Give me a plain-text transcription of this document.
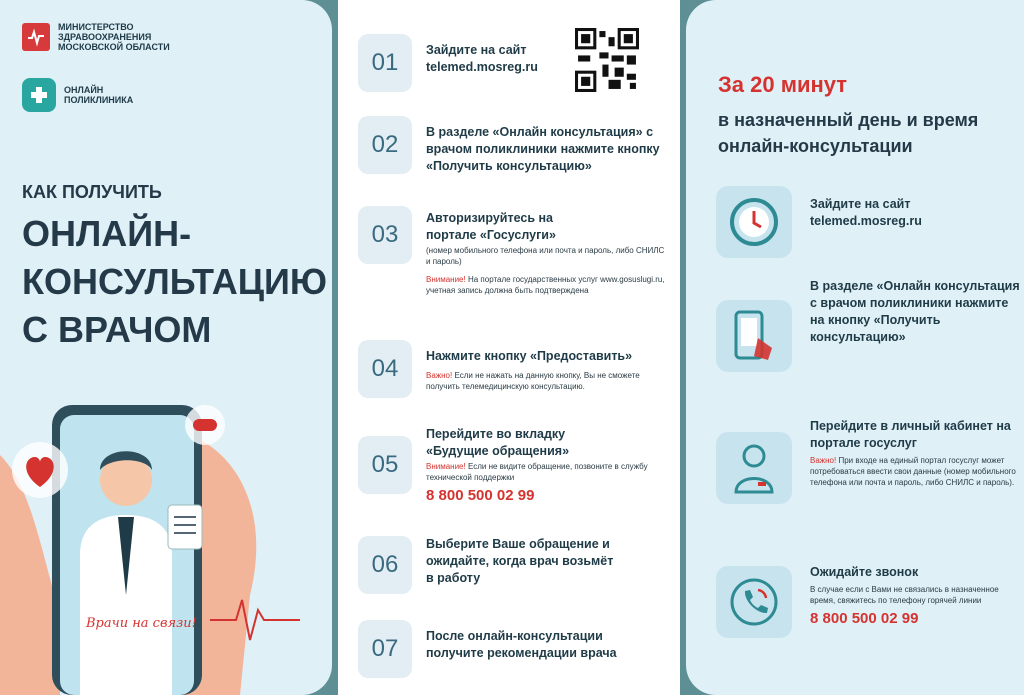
МИНИСТЕРСТВО ЗДРАВООХРАНЕНИЯ МОСКОВСКОЙ ОБЛАСТИ
ОНЛАЙН ПОЛИКЛИНИКА
КАК ПОЛУЧИТЬ
ОНЛАЙН-
КОНСУЛЬТАЦИЮ
С ВРАЧОМ
Врачи на связи!
01	Зайдите на сайт telemed.mosreg.ru
02	В разделе «Онлайн консультация» с врачом поликлиники нажмите кнопку «Получить консультацию»
03
Авторизируйтесь на портале «Госуслуги»
(номер мобильного телефона или почта и пароль, либо СНИЛС и пароль)
Внимание! На портале государственных услуг www.gosuslugi.ru, учетная запись должна быть подтверждена
04	Нажмите кнопку «Предоставить»
Важно! Если не нажать на данную кнопку, Вы не сможете получить телемедицинскую консультацию.
05
Перейдите во вкладку «Будущие обращения»
Внимание! Если не видите обращение, позвоните в службу технической поддержки
8 800 500 02 99
06
Выберите Ваше обращение и ожидайте, когда врач возьмёт в работу
07	После онлайн-консультации получите рекомендации врача
За 20 минут
в назначенный день и время онлайн-консультации
Зайдите на сайт telemed.mosreg.ru
В разделе «Онлайн консультация с врачом поликлиники нажмите на кнопку «Получить консультацию»
Перейдите в личный кабинет на портале госуслуг
Важно! При входе на единый портал госуслуг может потребоваться ввести свои данные (номер мобильного телефона или почта и пароль, либо СНИЛС и пароль).
Ожидайте звонок
В случае если с Вами не связались в назначенное время, свяжитесь по телефону горячей линии
8 800 500 02 99
